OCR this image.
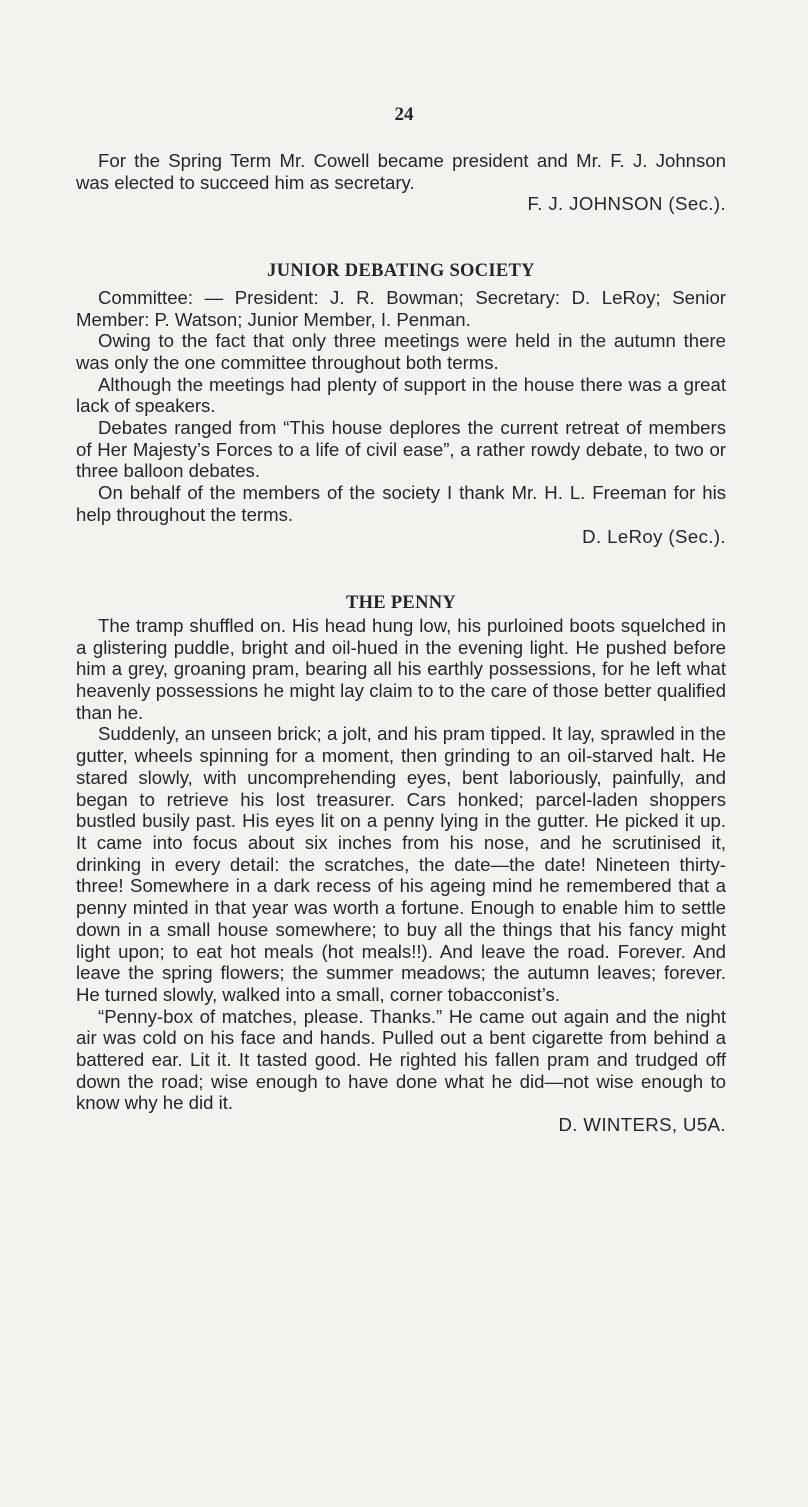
24

For the Spring Term Mr. Cowell became president and Mr. F. J. Johnson was elected to succeed him as secretary.

F. J. JOHNSON (Sec.).

JUNIOR DEBATING SOCIETY

Committee: — President: J. R. Bowman; Secretary: D. LeRoy; Senior Member: P. Watson; Junior Member, I. Penman.

Owing to the fact that only three meetings were held in the autumn there was only the one committee throughout both terms.

Although the meetings had plenty of support in the house there was a great lack of speakers.

Debates ranged from “This house deplores the current retreat of members of Her Majesty’s Forces to a life of civil ease”, a rather rowdy debate, to two or three balloon debates.

On behalf of the members of the society I thank Mr. H. L. Freeman for his help throughout the terms.

D. LeRoy (Sec.).

THE PENNY

The tramp shuffled on. His head hung low, his purloined boots squelched in a glistering puddle, bright and oil-hued in the evening light. He pushed before him a grey, groaning pram, bearing all his earthly possessions, for he left what heavenly possessions he might lay claim to to the care of those better qualified than he.

Suddenly, an unseen brick; a jolt, and his pram tipped. It lay, sprawled in the gutter, wheels spinning for a moment, then grinding to an oil-starved halt. He stared slowly, with uncomprehending eyes, bent laboriously, painfully, and began to retrieve his lost treasurer. Cars honked; parcel-laden shoppers bustled busily past. His eyes lit on a penny lying in the gutter. He picked it up. It came into focus about six inches from his nose, and he scrutinised it, drinking in every detail: the scratches, the date—the date! Nineteen thirty-three! Somewhere in a dark recess of his ageing mind he remembered that a penny minted in that year was worth a fortune. Enough to enable him to settle down in a small house somewhere; to buy all the things that his fancy might light upon; to eat hot meals (hot meals!!). And leave the road. Forever. And leave the spring flowers; the summer meadows; the autumn leaves; forever. He turned slowly, walked into a small, corner tobacconist’s.

“Penny-box of matches, please. Thanks.” He came out again and the night air was cold on his face and hands. Pulled out a bent cigarette from behind a battered ear. Lit it. It tasted good. He righted his fallen pram and trudged off down the road; wise enough to have done what he did—not wise enough to know why he did it.

D. WINTERS, U5A.
